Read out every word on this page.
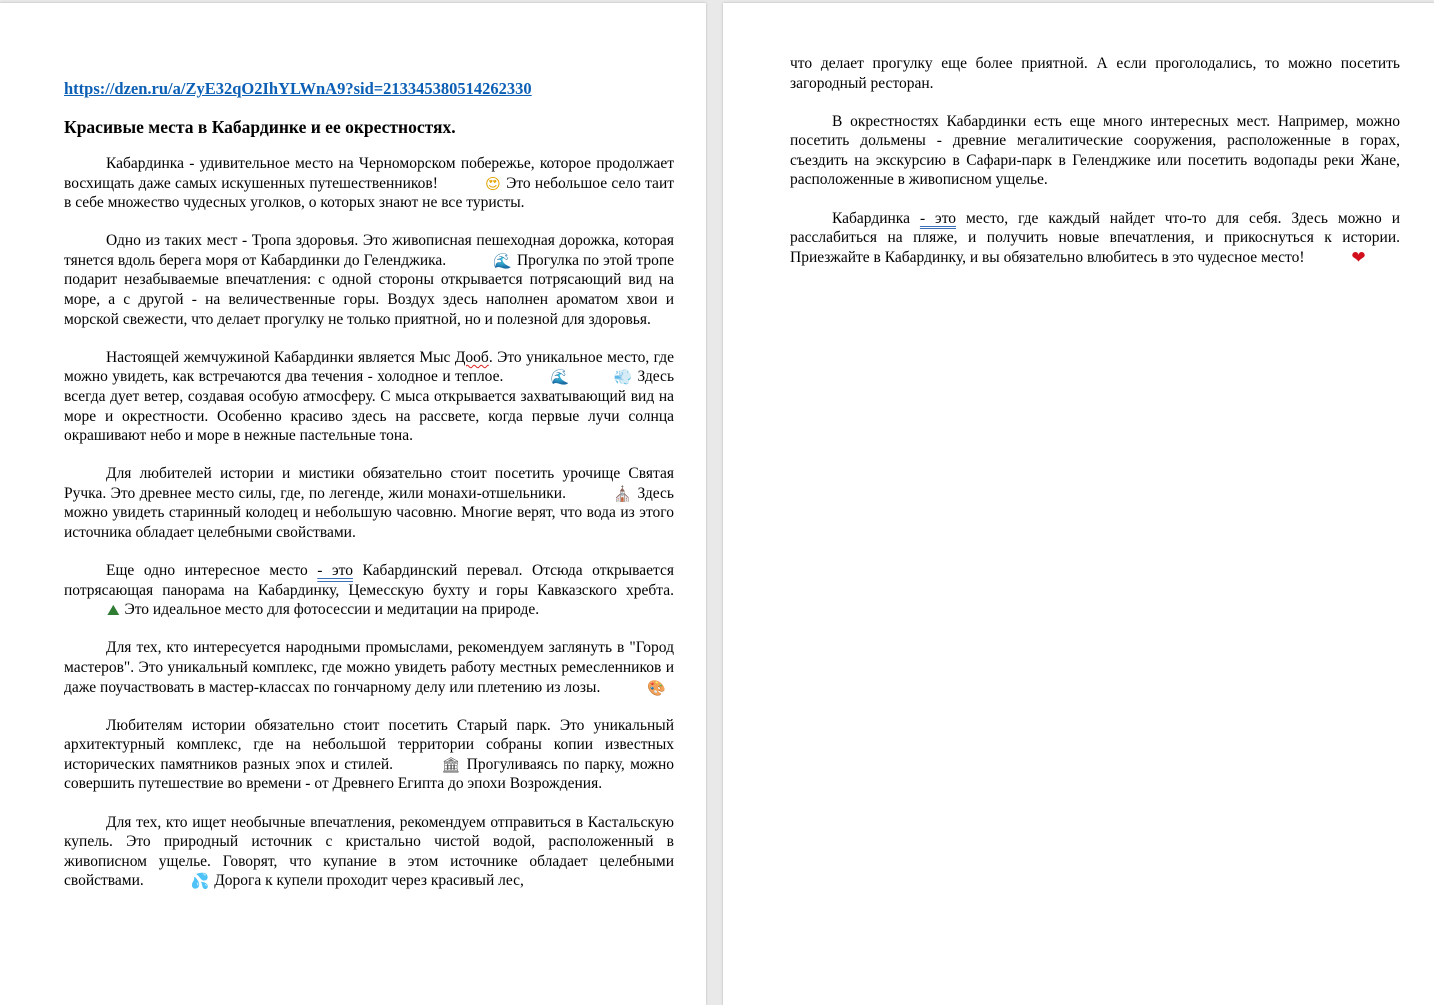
https://dzen.ru/a/ZyE32qO2IhYLWnA9?sid=213345380514262330
Красивые места в Кабардинке и ее окрестностях.

Кабардинка - удивительное место на Черноморском побережье, которое продолжает восхищать даже самых искушенных путешественников!	😍 Это небольшое село таит в себе множество чудесных уголков, о которых знают не все туристы.

Одно из таких мест - Тропа здоровья. Это живописная пешеходная дорожка, которая тянется вдоль берега моря от Кабардинки до Геленджика.	🌊 Прогулка по этой тропе подарит незабываемые впечатления: с одной стороны открывается потрясающий вид на море, а с другой - на величественные горы. Воздух здесь наполнен ароматом хвои и морской свежести, что делает прогулку не только приятной, но и полезной для здоровья.

Настоящей жемчужиной Кабардинки является Мыс Дооб. Это уникальное место, где можно увидеть, как встречаются два течения - холодное и теплое.	🌊	💨 Здесь всегда дует ветер, создавая особую атмосферу. С мыса открывается захватывающий вид на море и окрестности. Особенно красиво здесь на рассвете, когда первые лучи солнца окрашивают небо и море в нежные пастельные тона.

Для любителей истории и мистики обязательно стоит посетить урочище Святая Ручка. Это древнее место силы, где, по легенде, жили монахи-отшельники.	⛪ Здесь можно увидеть старинный колодец и небольшую часовню. Многие верят, что вода из этого источника обладает целебными свойствами.

Еще одно интересное место - это Кабардинский перевал. Отсюда открывается потрясающая панорама на Кабардинку, Цемесскую бухту и горы Кавказского хребта. ⛰ Это идеальное место для фотосессии и медитации на природе.

Для тех, кто интересуется народными промыслами, рекомендуем заглянуть в "Город мастеров". Это уникальный комплекс, где можно увидеть работу местных ремесленников и даже поучаствовать в мастер-классах по гончарному делу или плетению из лозы.	🎨

Любителям истории обязательно стоит посетить Старый парк. Это уникальный архитектурный комплекс, где на небольшой территории собраны копии известных исторических памятников разных эпох и стилей.	🏛 Прогуливаясь по парку, можно совершить путешествие во времени - от Древнего Египта до эпохи Возрождения.

Для тех, кто ищет необычные впечатления, рекомендуем отправиться в Кастальскую купель. Это природный источник с кристально чистой водой, расположенный в живописном ущелье. Говорят, что купание в этом источнике обладает целебными свойствами.	💦 Дорога к купели проходит через красивый лес,

что делает прогулку еще более приятной. А если проголодались, то можно посетить загородный ресторан.

В окрестностях Кабардинки есть еще много интересных мест. Например, можно посетить дольмены - древние мегалитические сооружения, расположенные в горах, съездить на экскурсию в Сафари-парк в Геленджике или посетить водопады реки Жане, расположенные в живописном ущелье.

Кабардинка - это место, где каждый найдет что-то для себя. Здесь можно и расслабиться на пляже, и получить новые впечатления, и прикоснуться к истории. Приезжайте в Кабардинку, и вы обязательно влюбитесь в это чудесное место!	❤
